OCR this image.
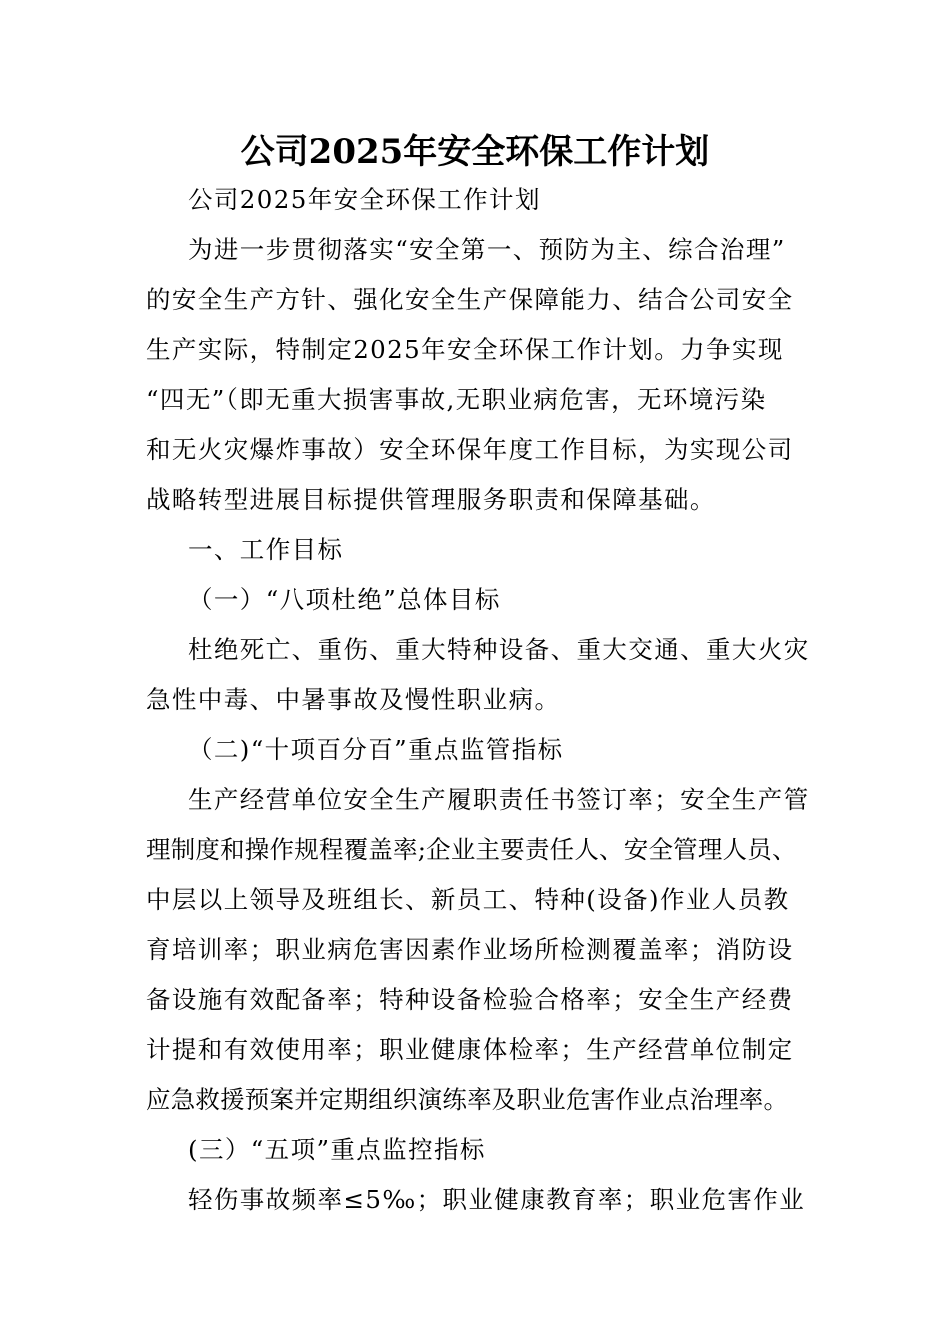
公司2025年安全环保工作计划
公司2025年安全环保工作计划
为进一步贯彻落实“安全第一、预防为主、综合治理”
的安全生产方针、强化安全生产保障能力、结合公司安全
生产实际，特制定2025年安全环保工作计划。力争实现
“四无”（即无重大损害事故,无职业病危害，无环境污染
和无火灾爆炸事故）安全环保年度工作目标，为实现公司
战略转型进展目标提供管理服务职责和保障基础。
一、工作目标
（一）“八项杜绝”总体目标
杜绝死亡、重伤、重大特种设备、重大交通、重大火灾
急性中毒、中暑事故及慢性职业病。
（二)“十项百分百”重点监管指标
生产经营单位安全生产履职责任书签订率；安全生产管
理制度和操作规程覆盖率;企业主要责任人、安全管理人员、
中层以上领导及班组长、新员工、特种(设备)作业人员教
育培训率；职业病危害因素作业场所检测覆盖率；消防设
备设施有效配备率；特种设备检验合格率；安全生产经费
计提和有效使用率；职业健康体检率；生产经营单位制定
应急救援预案并定期组织演练率及职业危害作业点治理率。
(三）“五项”重点监控指标
轻伤事故频率≤5‰；职业健康教育率；职业危害作业
